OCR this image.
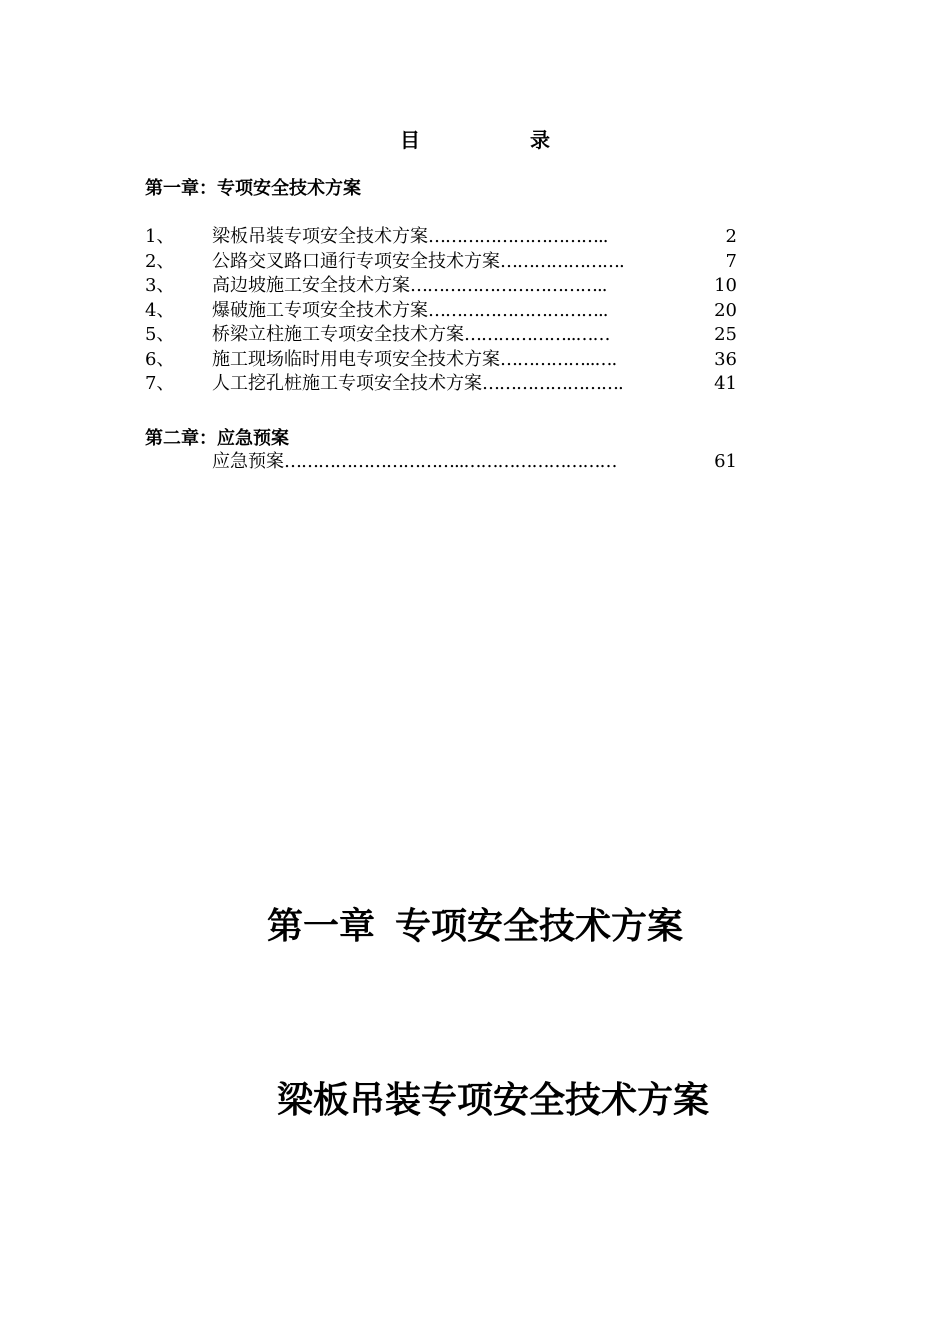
目	录
第一章：专项安全技术方案
1、 梁板吊装专项安全技术方案 …………………………..	2
2、 公路交叉路口通行专项安全技术方案 ………………….	7
3、 高边坡施工安全技术方案 ……………………………..	10
4、 爆破施工专项安全技术方案 …………………………..	20
5、 桥梁立柱施工专项安全技术方案 ………………..……	25
6、 施工现场临时用电专项安全技术方案 ……………..….	36
7、 人工挖孔桩施工专项安全技术方案 …………………….	41
第二章：应急预案
应急预案 …………………………..………………………	61
第一章 专项安全技术方案
梁板吊装专项安全技术方案
